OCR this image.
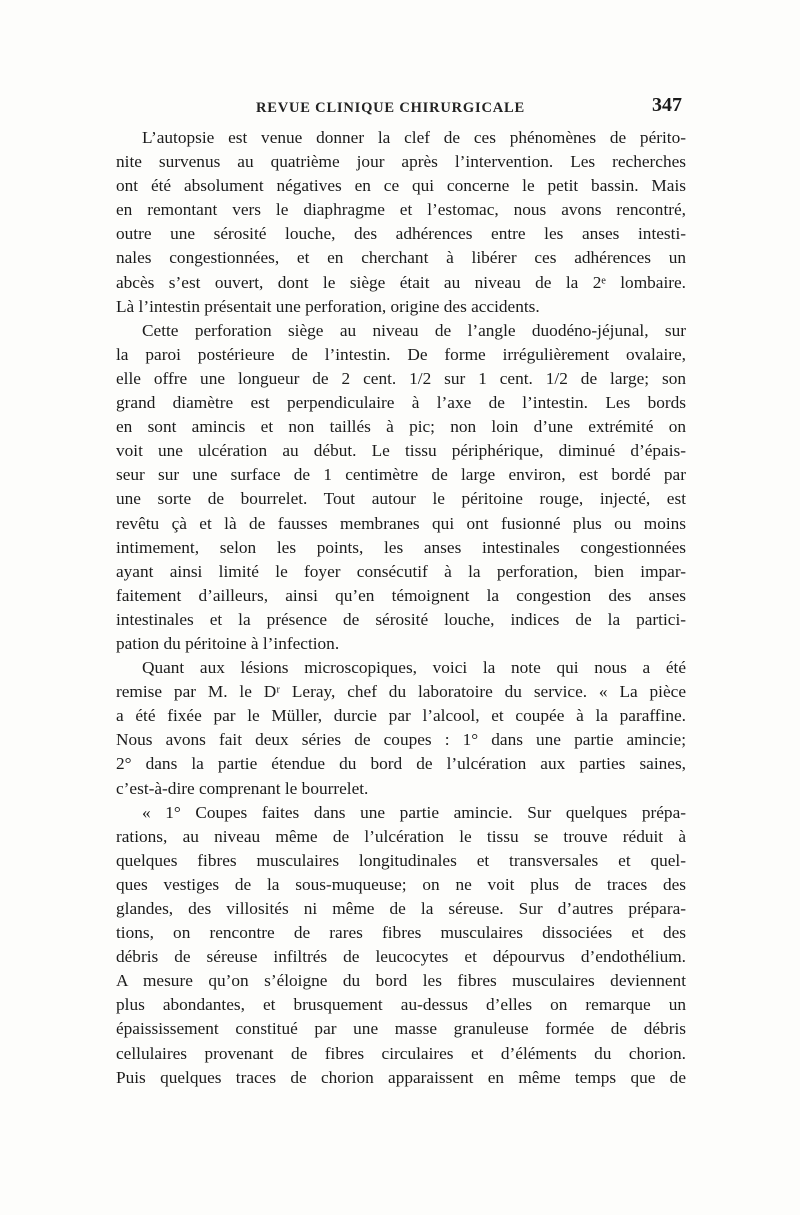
REVUE CLINIQUE CHIRURGICALE	347
L’autopsie est venue donner la clef de ces phénomènes de périto-
nite survenus au quatrième jour après l’intervention. Les recherches
ont été absolument négatives en ce qui concerne le petit bassin. Mais
en remontant vers le diaphragme et l’estomac, nous avons rencontré,
outre une sérosité louche, des adhérences entre les anses intesti-
nales congestionnées, et en cherchant à libérer ces adhérences un
abcès s’est ouvert, dont le siège était au niveau de la 2ᵉ lombaire.
Là l’intestin présentait une perforation, origine des accidents.
Cette perforation siège au niveau de l’angle duodéno-jéjunal, sur
la paroi postérieure de l’intestin. De forme irrégulièrement ovalaire,
elle offre une longueur de 2 cent. 1/2 sur 1 cent. 1/2 de large; son
grand diamètre est perpendiculaire à l’axe de l’intestin. Les bords
en sont amincis et non taillés à pic; non loin d’une extrémité on
voit une ulcération au début. Le tissu périphérique, diminué d’épais-
seur sur une surface de 1 centimètre de large environ, est bordé par
une sorte de bourrelet. Tout autour le péritoine rouge, injecté, est
revêtu çà et là de fausses membranes qui ont fusionné plus ou moins
intimement, selon les points, les anses intestinales congestionnées
ayant ainsi limité le foyer consécutif à la perforation, bien impar-
faitement d’ailleurs, ainsi qu’en témoignent la congestion des anses
intestinales et la présence de sérosité louche, indices de la partici-
pation du péritoine à l’infection.
Quant aux lésions microscopiques, voici la note qui nous a été
remise par M. le Dʳ Leray, chef du laboratoire du service. « La pièce
a été fixée par le Müller, durcie par l’alcool, et coupée à la paraffine.
Nous avons fait deux séries de coupes : 1° dans une partie amincie;
2° dans la partie étendue du bord de l’ulcération aux parties saines,
c’est-à-dire comprenant le bourrelet.
« 1° Coupes faites dans une partie amincie. Sur quelques prépa-
rations, au niveau même de l’ulcération le tissu se trouve réduit à
quelques fibres musculaires longitudinales et transversales et quel-
ques vestiges de la sous-muqueuse; on ne voit plus de traces des
glandes, des villosités ni même de la séreuse. Sur d’autres prépara-
tions, on rencontre de rares fibres musculaires dissociées et des
débris de séreuse infiltrés de leucocytes et dépourvus d’endothélium.
A mesure qu’on s’éloigne du bord les fibres musculaires deviennent
plus abondantes, et brusquement au-dessus d’elles on remarque un
épaississement constitué par une masse granuleuse formée de débris
cellulaires provenant de fibres circulaires et d’éléments du chorion.
Puis quelques traces de chorion apparaissent en même temps que de
